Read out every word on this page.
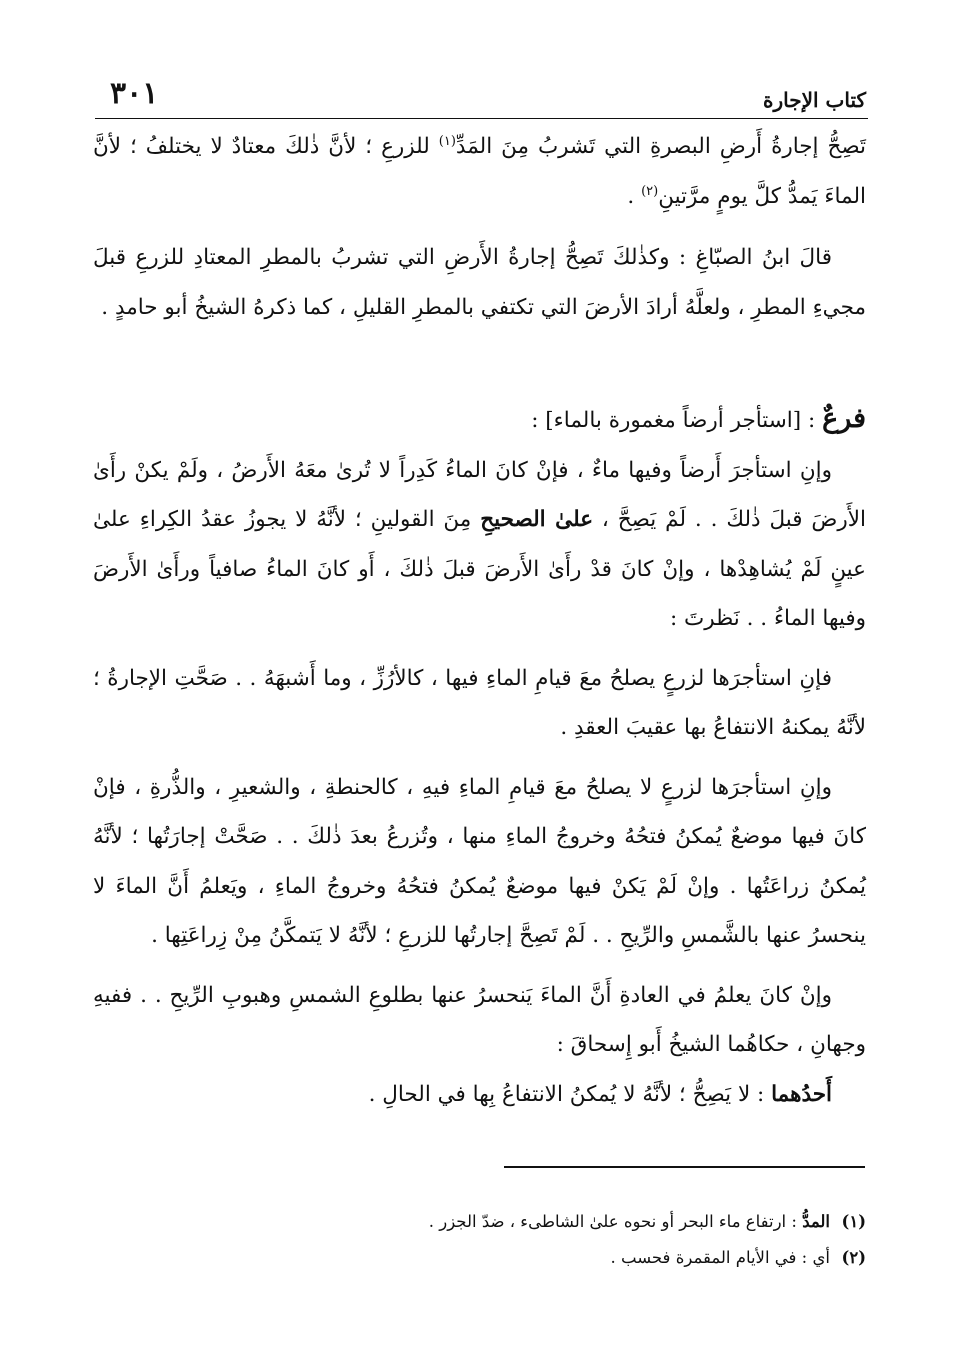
كتاب الإجارة
٣٠١

تَصِحُّ إجارةُ أَرضِ البصرةِ التي تَشربُ مِنَ المَدِّ$^{(١)}$ للزرعِ ؛ لأنَّ ذٰلكَ معتادٌ لا يختلفُ ؛ لأنَّ الماءَ يَمدُّ كلَّ يومٍ مرَّتينِ$^{(٢)}$ .

قالَ ابنُ الصبّاغِ : وكذٰلكَ تَصِحُّ إجارةُ الأَرضِ التي تشربُ بالمطرِ المعتادِ للزرعِ قبلَ مجيءِ المطرِ ، ولعلَّهُ أرادَ الأرضَ التي تكتفي بالمطرِ القليلِ ، كما ذكرهُ الشيخُ أبو حامدٍ .

فرعٌ : [استأجر أرضاً مغمورة بالماء] :

وإنِ استأجرَ أَرضاً وفيها ماءٌ ، فإنْ كانَ الماءُ كَدِراً لا تُرىٰ معَهُ الأَرضُ ، ولَمْ يكنْ رأَىٰ الأَرضَ قبلَ ذٰلكَ . . لَمْ يَصِحَّ ، علىٰ الصحيحِ مِنَ القولينِ ؛ لأنَّهُ لا يجوزُ عقدُ الكِراءِ علىٰ عينٍ لَمْ يُشاهِدْها ، وإنْ كانَ قدْ رأَىٰ الأَرضَ قبلَ ذٰلكَ ، أَو كانَ الماءُ صافياً ورأَىٰ الأَرضَ وفيها الماءُ . . نَظرتَ :

فإنِ استأجرَها لزرعٍ يصلحُ معَ قيامِ الماءِ فيها ، كالأرُزِّ ، وما أَشبهَهُ . . صَحَّتِ الإجارةُ ؛ لأنَّهُ يمكنهُ الانتفاعُ بها عقيبَ العقدِ .

وإنِ استأجرَها لزرعٍ لا يصلحُ معَ قيامِ الماءِ فيهِ ، كالحنطةِ ، والشعيرِ ، والذُّرةِ ، فإنْ كانَ فيها موضعٌ يُمكنُ فتحُهُ وخروجُ الماءِ منها ، وتُزرعُ بعدَ ذٰلكَ . . صَحَّتْ إجارَتُها ؛ لأنَّهُ يُمكنُ زراعَتُها . وإنْ لَمْ يَكنْ فيها موضعٌ يُمكنُ فتحُهُ وخروجُ الماءِ ، ويَعلمُ أَنَّ الماءَ لا ينحسرُ عنها بالشَّمسِ والرِّيحِ . . لَمْ تَصِحَّ إجارتُها للزرعِ ؛ لأنَّهُ لا يَتمكَّنُ مِنْ زِراعَتِها .

وإنْ كانَ يعلمُ في العادةِ أَنَّ الماءَ يَنحسرُ عنها بطلوعِ الشمسِ وهبوبِ الرِّيحِ . . ففيهِ وجهانِ ، حكاهُما الشيخُ أَبو إِسحاقَ :

أَحدُهما : لا يَصِحُّ ؛ لأنَّهُ لا يُمكنُ الانتفاعُ بِها في الحالِ .

(١)المدُّ : ارتفاع ماء البحر أو نحوه علىٰ الشاطىء ، ضدّ الجزر .

(٢)أي : في الأيام المقمرة فحسب .
